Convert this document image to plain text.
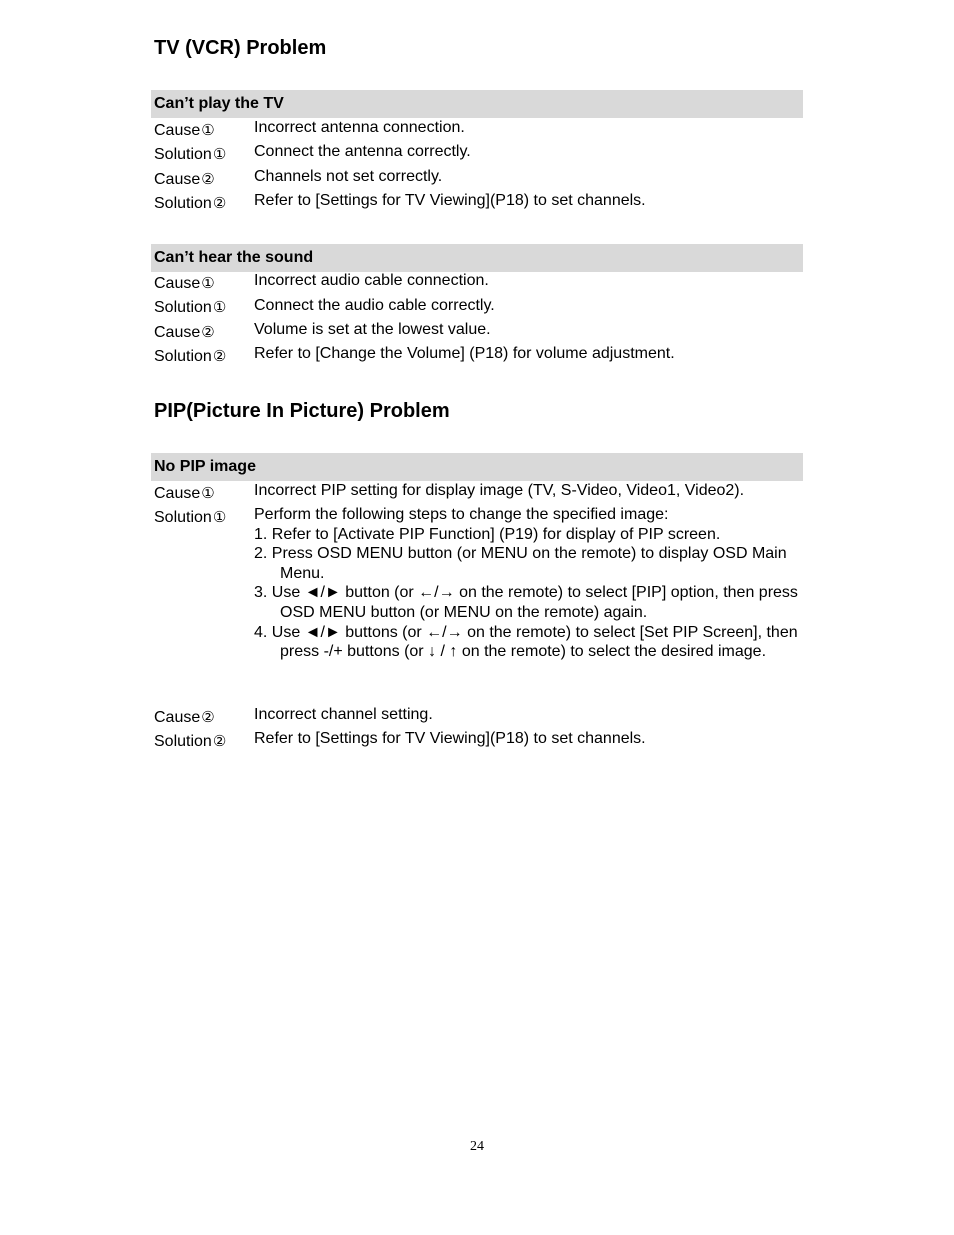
TV (VCR) Problem
Can’t play the TV
Cause① Incorrect antenna connection.
Solution① Connect the antenna correctly.
Cause② Channels not set correctly.
Solution② Refer to [Settings for TV Viewing](P18) to set channels.
Can’t hear the sound
Cause① Incorrect audio cable connection.
Solution① Connect the audio cable correctly.
Cause② Volume is set at the lowest value.
Solution② Refer to [Change the Volume] (P18) for volume adjustment.
PIP(Picture In Picture) Problem
No PIP image
Cause① Incorrect PIP setting for display image (TV, S-Video, Video1, Video2).
Solution① Perform the following steps to change the specified image:
1. Refer to [Activate PIP Function] (P19) for display of PIP screen.
2. Press OSD MENU button (or MENU on the remote) to display OSD Main Menu.
3. Use ◄/► button (or ←/→ on the remote) to select [PIP] option, then press OSD MENU button (or MENU on the remote) again.
4. Use ◄/► buttons (or ←/→ on the remote) to select [Set PIP Screen], then press -/+ buttons (or ↓ / ↑ on the remote) to select the desired image.
Cause② Incorrect channel setting.
Solution② Refer to [Settings for TV Viewing](P18) to set channels.
24
